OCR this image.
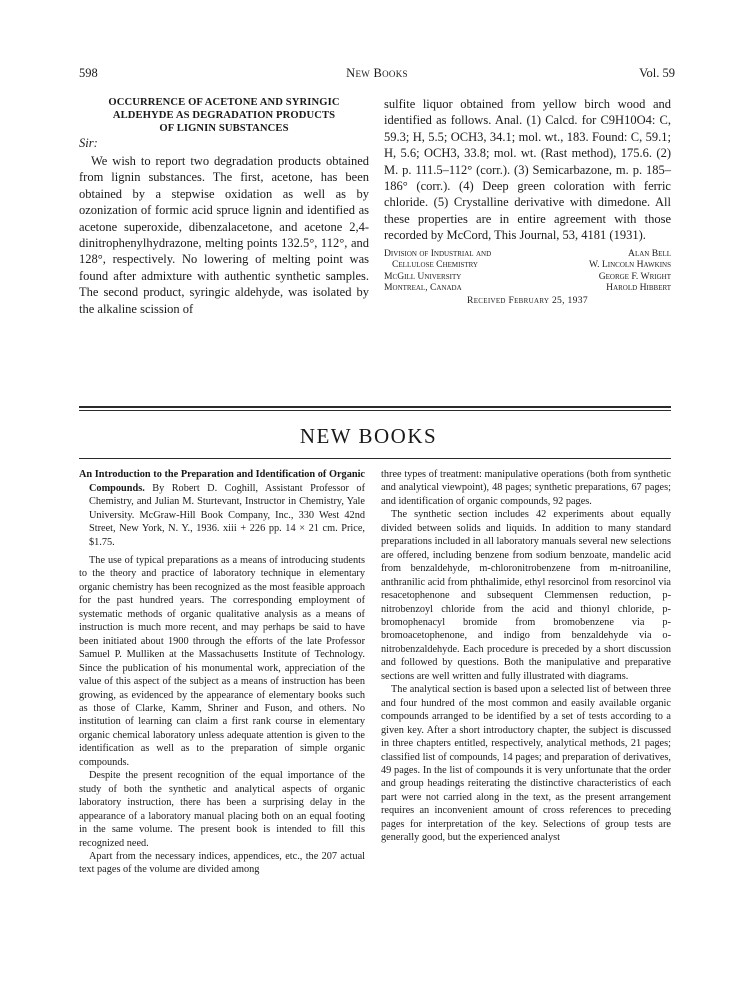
598	New Books	Vol. 59
OCCURRENCE OF ACETONE AND SYRINGIC
ALDEHYDE AS DEGRADATION PRODUCTS
OF LIGNIN SUBSTANCES
Sir:

We wish to report two degradation products obtained from lignin substances. The first, acetone, has been obtained by a stepwise oxidation as well as by ozonization of formic acid spruce lignin and identified as acetone superoxide, dibenzalacetone, and acetone 2,4-dinitrophenylhydrazone, melting points 132.5°, 112°, and 128°, respectively. No lowering of melting point was found after admixture with authentic synthetic samples. The second product, syringic aldehyde, was isolated by the alkaline scission of

sulfite liquor obtained from yellow birch wood and identified as follows. Anal. (1) Calcd. for C9H10O4: C, 59.3; H, 5.5; OCH3, 34.1; mol. wt., 183. Found: C, 59.1; H, 5.6; OCH3, 33.8; mol. wt. (Rast method), 175.6. (2) M. p. 111.5–112° (corr.). (3) Semicarbazone, m. p. 185–186° (corr.). (4) Deep green coloration with ferric chloride. (5) Crystalline derivative with dimedone. All these properties are in entire agreement with those recorded by McCord, This Journal, 53, 4181 (1931).

Division of Industrial and	Alan Bell
Cellulose Chemistry	W. Lincoln Hawkins
McGill University	George F. Wright
Montreal, Canada	Harold Hibbert
Received February 25, 1937
NEW BOOKS

An Introduction to the Preparation and Identification of Organic Compounds. By Robert D. Coghill, Assistant Professor of Chemistry, and Julian M. Sturtevant, Instructor in Chemistry, Yale University. McGraw-Hill Book Company, Inc., 330 West 42nd Street, New York, N. Y., 1936. xiii + 226 pp. 14 × 21 cm. Price, $1.75.

The use of typical preparations as a means of introducing students to the theory and practice of laboratory technique in elementary organic chemistry has been recognized as the most feasible approach for the past hundred years. The corresponding employment of systematic methods of organic qualitative analysis as a means of instruction is much more recent, and may perhaps be said to have been initiated about 1900 through the efforts of the late Professor Samuel P. Mulliken at the Massachusetts Institute of Technology. Since the publication of his monumental work, appreciation of the value of this aspect of the subject as a means of instruction has been growing, as evidenced by the appearance of elementary books such as those of Clarke, Kamm, Shriner and Fuson, and others. No institution of learning can claim a first rank course in elementary organic chemical laboratory unless adequate attention is given to the identification as well as to the preparation of simple organic compounds.

Despite the present recognition of the equal importance of the study of both the synthetic and analytical aspects of organic laboratory instruction, there has been a surprising delay in the appearance of a laboratory manual placing both on an equal footing in the same volume. The present book is intended to fill this recognized need.

Apart from the necessary indices, appendices, etc., the 207 actual text pages of the volume are divided among

three types of treatment: manipulative operations (both from synthetic and analytical viewpoint), 48 pages; synthetic preparations, 67 pages; and identification of organic compounds, 92 pages.

The synthetic section includes 42 experiments about equally divided between solids and liquids. In addition to many standard preparations included in all laboratory manuals several new selections are offered, including benzene from sodium benzoate, mandelic acid from benzaldehyde, m-chloronitrobenzene from m-nitroaniline, anthranilic acid from phthalimide, ethyl resorcinol from resorcinol via resacetophenone and subsequent Clemmensen reduction, p-nitrobenzoyl chloride from the acid and thionyl chloride, p-bromophenacyl bromide from bromobenzene via p-bromoacetophenone, and indigo from benzaldehyde via o-nitrobenzaldehyde. Each procedure is preceded by a short discussion and followed by questions. Both the manipulative and preparative sections are well written and fully illustrated with diagrams.

The analytical section is based upon a selected list of between three and four hundred of the most common and easily available organic compounds arranged to be identified by a set of tests according to a given key. After a short introductory chapter, the subject is discussed in three chapters entitled, respectively, analytical methods, 21 pages; classified list of compounds, 14 pages; and preparation of derivatives, 49 pages. In the list of compounds it is very unfortunate that the order and group headings reiterating the distinctive characteristics of each part were not carried along in the text, as the present arrangement requires an inconvenient amount of cross references to preceding pages for interpretation of the key. Selections of group tests are generally good, but the experienced analyst
